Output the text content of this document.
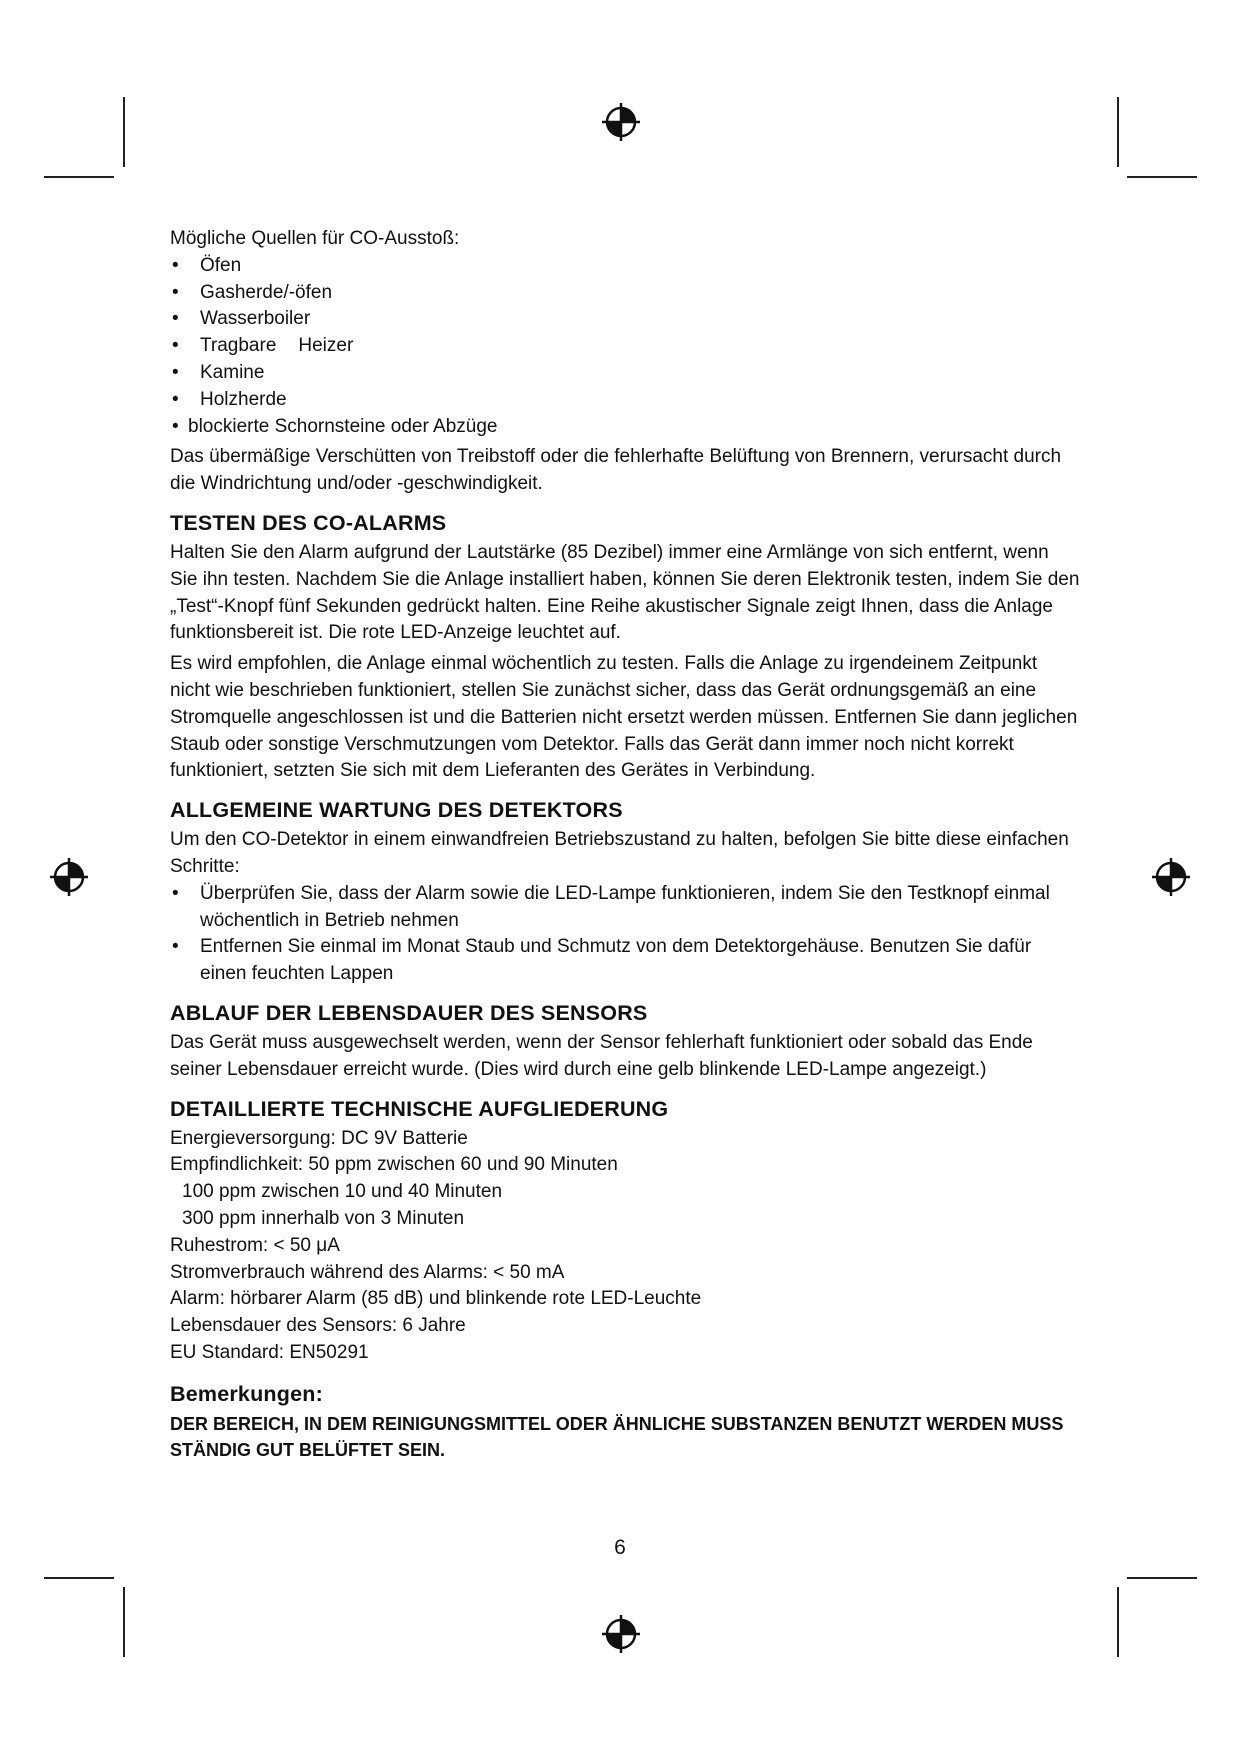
Mögliche Quellen für CO-Ausstoß:

• Öfen
• Gasherde/-öfen
• Wasserboiler
• Tragbare Heizer
• Kamine
• Holzherde
• blockierte Schornsteine oder Abzüge

Das übermäßige Verschütten von Treibstoff oder die fehlerhafte Belüftung von Brennern, verursacht durch die Windrichtung und/oder -geschwindigkeit.

TESTEN DES CO-ALARMS

Halten Sie den Alarm aufgrund der Lautstärke (85 Dezibel) immer eine Armlänge von sich entfernt, wenn Sie ihn testen. Nachdem Sie die Anlage installiert haben, können Sie deren Elektronik testen, indem Sie den „Test“-Knopf fünf Sekunden gedrückt halten. Eine Reihe akustischer Signale zeigt Ihnen, dass die Anlage funktionsbereit ist. Die rote LED-Anzeige leuchtet auf.

Es wird empfohlen, die Anlage einmal wöchentlich zu testen. Falls die Anlage zu irgendeinem Zeitpunkt nicht wie beschrieben funktioniert, stellen Sie zunächst sicher, dass das Gerät ordnungsgemäß an eine Stromquelle angeschlossen ist und die Batterien nicht ersetzt werden müssen. Entfernen Sie dann jeglichen Staub oder sonstige Verschmutzungen vom Detektor. Falls das Gerät dann immer noch nicht korrekt funktioniert, setzten Sie sich mit dem Lieferanten des Gerätes in Verbindung.

ALLGEMEINE WARTUNG DES DETEKTORS

Um den CO-Detektor in einem einwandfreien Betriebszustand zu halten, befolgen Sie bitte diese einfachen Schritte:

• Überprüfen Sie, dass der Alarm sowie die LED-Lampe funktionieren, indem Sie den Testknopf einmal wöchentlich in Betrieb nehmen
• Entfernen Sie einmal im Monat Staub und Schmutz von dem Detektorgehäuse. Benutzen Sie dafür einen feuchten Lappen
ABLAUF DER LEBENSDAUER DES SENSORS

Das Gerät muss ausgewechselt werden, wenn der Sensor fehlerhaft funktioniert oder sobald das Ende seiner Lebensdauer erreicht wurde. (Dies wird durch eine gelb blinkende LED-Lampe angezeigt.)

DETAILLIERTE TECHNISCHE AUFGLIEDERUNG

Energieversorgung: DC 9V Batterie

Empfindlichkeit: 50 ppm zwischen 60 und 90 Minuten

100 ppm zwischen 10 und 40 Minuten

300 ppm innerhalb von 3 Minuten

Ruhestrom: < 50 μA

Stromverbrauch während des Alarms: < 50 mA

Alarm: hörbarer Alarm (85 dB) und blinkende rote LED-Leuchte

Lebensdauer des Sensors: 6 Jahre

EU Standard: EN50291

Bemerkungen:

DER BEREICH, IN DEM REINIGUNGSMITTEL ODER ÄHNLICHE SUBSTANZEN BENUTZT WERDEN MUSS STÄNDIG GUT BELÜFTET SEIN.

6
